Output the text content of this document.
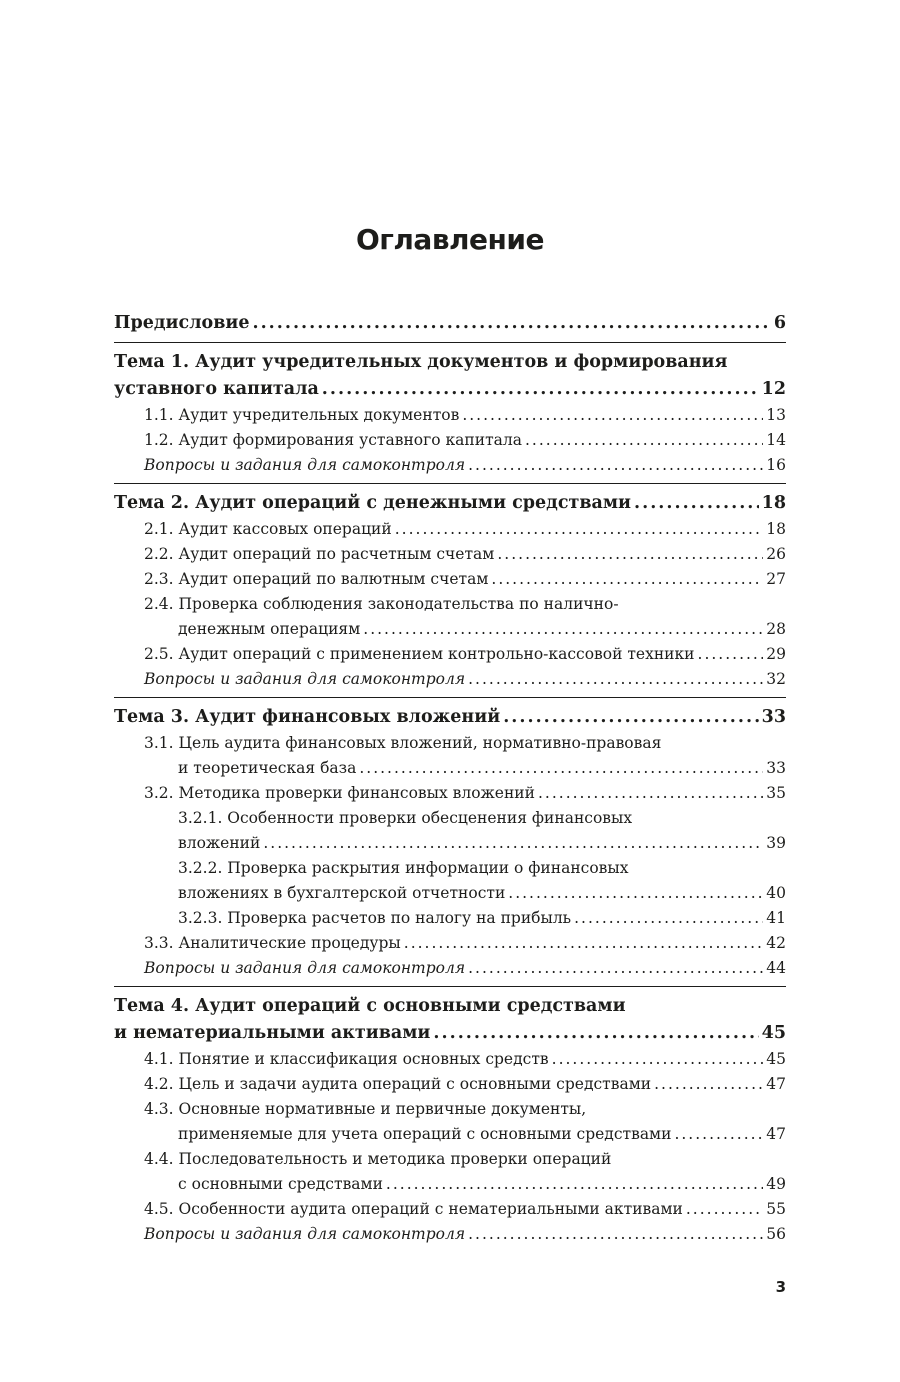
Оглавление
Предисловие .....	6
Тема 1. Аудит учредительных документов и формирования
уставного капитала .....	12
1.1. Аудит учредительных документов .....	13
1.2. Аудит формирования уставного капитала .....	14
Вопросы и задания для самоконтроля .....	16
Тема 2. Аудит операций с денежными средствами .....	18
2.1. Аудит кассовых операций .....	18
2.2. Аудит операций по расчетным счетам .....	26
2.3. Аудит операций по валютным счетам .....	27
2.4. Проверка соблюдения законодательства по налично-
денежным операциям .....	28
2.5. Аудит операций с применением контрольно-кассовой техники .....	29
Вопросы и задания для самоконтроля .....	32
Тема 3. Аудит финансовых вложений .....	33
3.1. Цель аудита финансовых вложений, нормативно-правовая
и теоретическая база .....	33
3.2. Методика проверки финансовых вложений .....	35
3.2.1. Особенности проверки обесценения финансовых
вложений .....	39
3.2.2. Проверка раскрытия информации о финансовых
вложениях в бухгалтерской отчетности .....	40
3.2.3. Проверка расчетов по налогу на прибыль .....	41
3.3. Аналитические процедуры .....	42
Вопросы и задания для самоконтроля .....	44
Тема 4. Аудит операций с основными средствами
и нематериальными активами .....	45
4.1. Понятие и классификация основных средств .....	45
4.2. Цель и задачи аудита операций с основными средствами .....	47
4.3. Основные нормативные и первичные документы,
применяемые для учета операций с основными средствами .....	47
4.4. Последовательность и методика проверки операций
с основными средствами .....	49
4.5. Особенности аудита операций с нематериальными активами .....	55
Вопросы и задания для самоконтроля .....	56
3
